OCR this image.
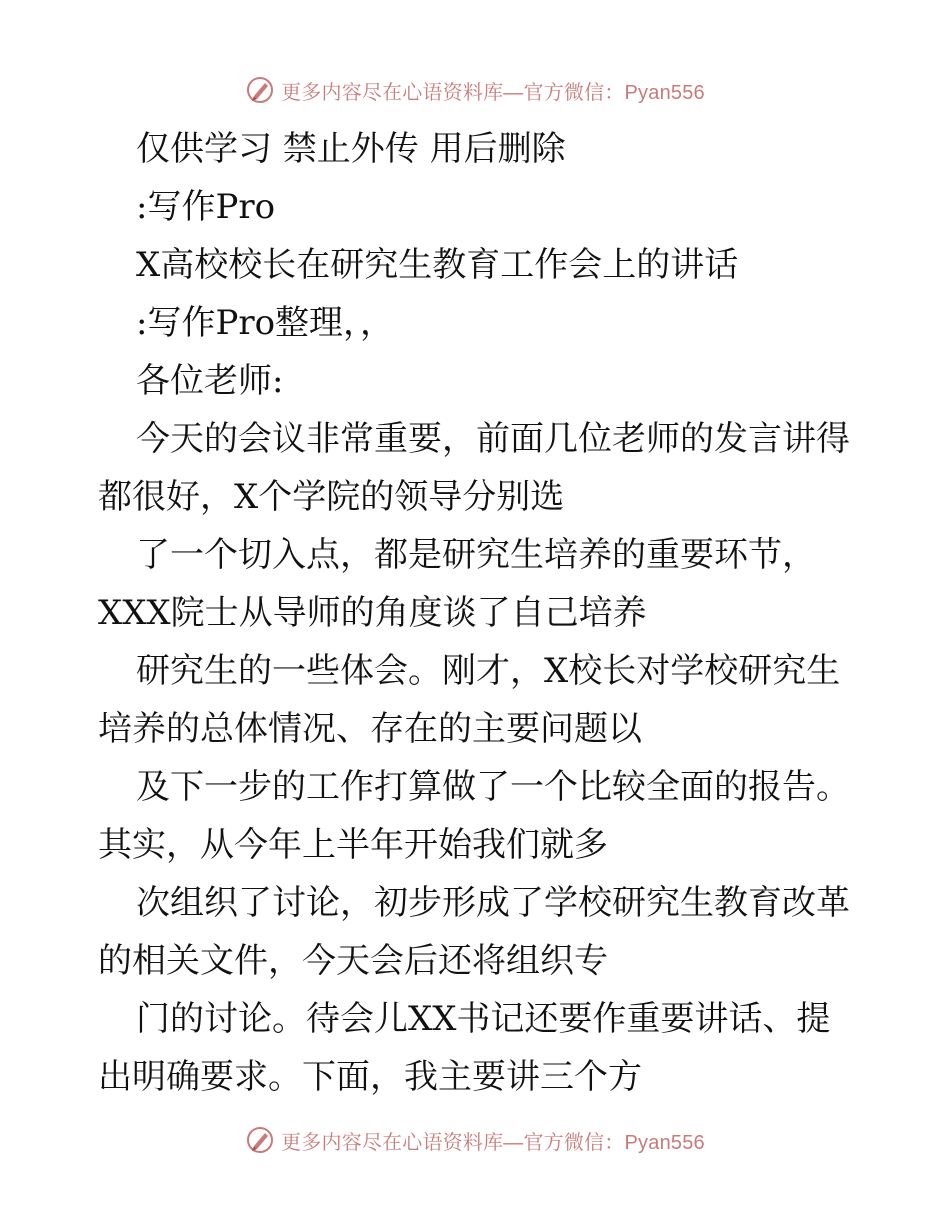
更多内容尽在心语资料库—官方微信：Pyan556
仅供学习 禁止外传 用后删除
:写作Pro
X高校校长在研究生教育工作会上的讲话
:写作Pro整理，，
各位老师:
今天的会议非常重要，前面几位老师的发言讲得
都很好，X个学院的领导分别选
了一个切入点，都是研究生培养的重要环节，
XXX院士从导师的角度谈了自己培养
研究生的一些体会。刚才，X校长对学校研究生
培养的总体情况、存在的主要问题以
及下一步的工作打算做了一个比较全面的报告。
其实，从今年上半年开始我们就多
次组织了讨论，初步形成了学校研究生教育改革
的相关文件，今天会后还将组织专
门的讨论。待会儿XX书记还要作重要讲话、提
出明确要求。下面，我主要讲三个方
更多内容尽在心语资料库—官方微信：Pyan556
